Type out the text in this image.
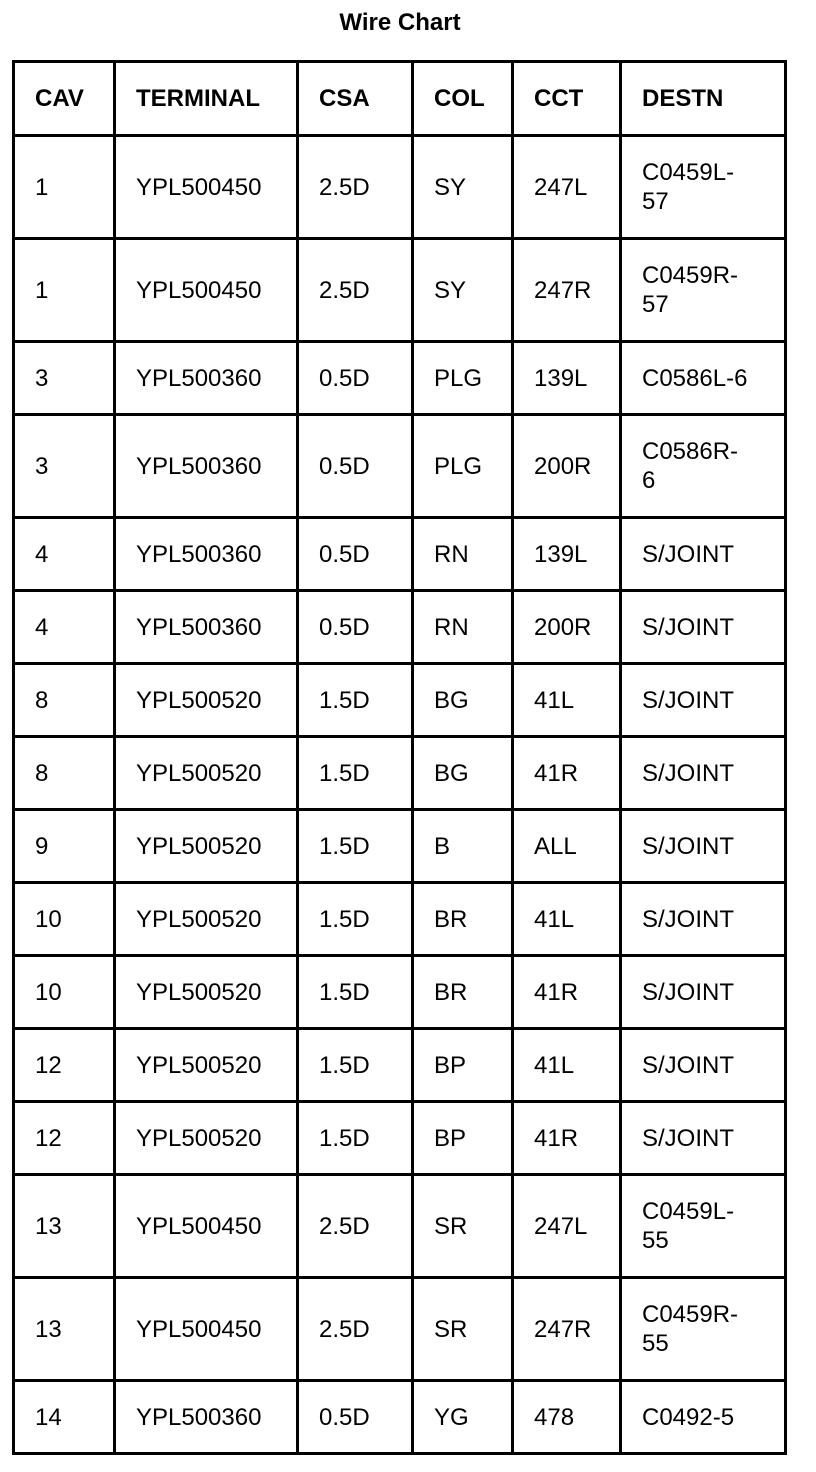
Wire Chart
CAV	TERMINAL	CSA	COL	CCT	DESTN
1	YPL500450	2.5D	SY	247L	C0459L-
57

1	YPL500450	2.5D	SY	247R	C0459R-
57

3	YPL500360	0.5D	PLG	139L	C0586L-6

3	YPL500360	0.5D	PLG	200R	C0586R-
6

4	YPL500360	0.5D	RN	139L	S/JOINT

4	YPL500360	0.5D	RN	200R	S/JOINT

8	YPL500520	1.5D	BG	41L	S/JOINT

8	YPL500520	1.5D	BG	41R	S/JOINT

9	YPL500520	1.5D	B	ALL	S/JOINT

10	YPL500520	1.5D	BR	41L	S/JOINT

10	YPL500520	1.5D	BR	41R	S/JOINT

12	YPL500520	1.5D	BP	41L	S/JOINT

12	YPL500520	1.5D	BP	41R	S/JOINT

13	YPL500450	2.5D	SR	247L	C0459L-
55

13	YPL500450	2.5D	SR	247R	C0459R-
55

14	YPL500360	0.5D	YG	478	C0492-5
